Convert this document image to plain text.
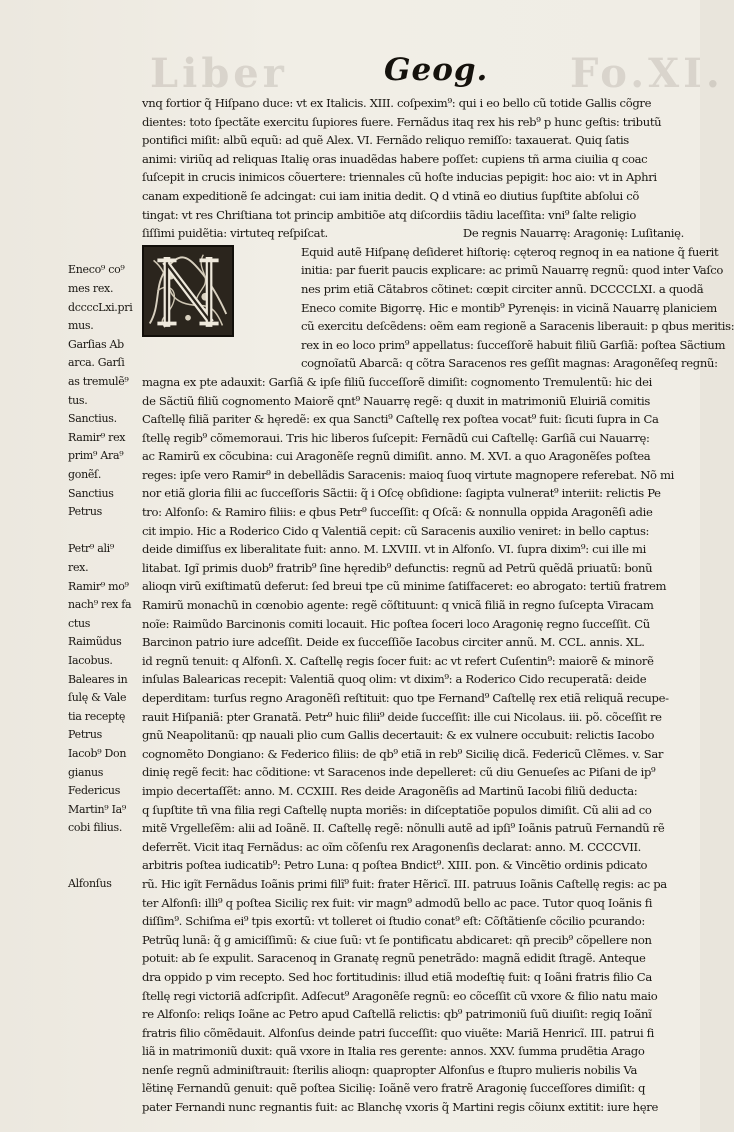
Liber	Fo.XI.
Geog.
vnq fortior q̃ Hiſpano duce: vt ex Italicis. XIII. coſpexim⁹: qui i eo bello cũ totide Gallis cõgre
dientes: toto ſpectãte exercitu ſupiores fuere. Fernãdus itaq rex his reb⁹ p hunc geſtis: tributũ
pontifici miſit: albũ equũ: ad quẽ Alex. VI. Fernãdo reliquo remiſſo: taxauerat. Quiq ſatis
animi: viriũq ad reliquas Italię oras inuadẽdas habere poſſet: cupiens tñ arma ciuilia q coac
ſuſcepit in crucis inimicos cõuertere: triennales cũ hoſte inducias pepigit: hoc aio: vt in Aphri
canam expeditionẽ ſe adcingat: cui iam initia dedit. Q d vtinã eo diutius ſupſtite abſolui cõ
tingat: vt res Chriſtiana tot princip ambitiõe atq diſcordiis tãdiu laceſſita: vni⁹ ſalte religio
ſiſſimi puidẽtia: virtuteq reſpiſcat.	De regnis Nauarrę: Aragonię: Luſitanię.
Equid autẽ Hiſpanę deſideret hiſtorię: cęteroq regnoq in ea natione q̃ fuerit
initia: par fuerit paucis explicare: ac primũ Nauarrę regnũ: quod inter Vaſco
nes prim etiã Cãtabros cõtinet: cœpit circiter annũ. DCCCCLXI. a quodã
Eneco comite Bigorrę. Hic e montib⁹ Pyrenęis: in vicinã Nauarrę planiciem
cũ exercitu deſcẽdens: oẽm eam regionẽ a Saracenis liberauit: p qbus meritis:
rex in eo loco prim⁹ appellatus: ſucceſſorẽ habuit filiũ Garſiã: poſtea Sãctium
cognoĩatũ Abarcã: q cõtra Saracenos res geſſit magnas: Aragonẽſeq regnũ:
magna ex pte adauxit: Garſiã & ipſe filiũ ſucceſſorẽ dimiſit: cognomento Tremulentũ: hic dei
de Sãctiũ filiũ cognomento Maiorẽ qnt⁹ Nauarrę regẽ: q duxit in matrimoniũ Eluiriã comitis
Caſtellę filiã pariter & hęredẽ: ex qua Sancti⁹ Caſtellę rex poſtea vocat⁹ fuit: ſicuti ſupra in Ca
ſtellę regib⁹ cõmemoraui. Tris hic liberos ſuſcepit: Fernãdũ cui Caſtellę: Garſiã cui Nauarrę:
ac Ramirũ ex cõcubina: cui Aragonẽſe regnũ dimiſit. anno. M. XVI. a quo Aragonẽſes poſtea
reges: ipſe vero Ramir⁹ in debellãdis Saracenis: maioq ſuoq virtute magnopere referebat. Nõ mi
nor etiã gloria filii ac ſucceſſoris Sãctii: q̃ i Oſcę obſidione: ſagipta vulnerat⁹ interiit: relictis Pe
tro: Alfonſo: & Ramiro filiis: e qbus Petr⁹ ſucceſſit: q Oſcã: & nonnulla oppida Aragonẽſi adie
cit impio. Hic a Roderico Cido q Valentiã cepit: cũ Saracenis auxilio veniret: in bello captus:
deide dimiſſus ex liberalitate fuit: anno. M. LXVIII. vt in Alfonſo. VI. ſupra dixim⁹: cui ille mi
litabat. Igĩ primis duob⁹ fratrib⁹ ſine hęredib⁹ defunctis: regnũ ad Petrũ quẽdã priuatũ: bonũ
alioqn virũ exiſtimatũ deferut: ſed breui tpe cũ minime ſatiſfaceret: eo abrogato: tertiũ fratrem
Ramirũ monachũ in cœnobio agente: regẽ cõſtituunt: q vnicã filiã in regno ſuſcepta Viracam
noĩe: Raimũdo Barcinonis comiti locauit. Hic poſtea ſoceri loco Aragonię regno ſucceſſit. Cũ
Barcinon patrio iure adceſſit. Deide ex ſucceſſiõe Iacobus circiter annũ. M. CCL. annis. XL.
id regnũ tenuit: q Alfonſi. X. Caſtellę regis ſocer fuit: ac vt refert Cuſentin⁹: maiorẽ & minorẽ
inſulas Balearicas recepit: Valentiã quoq olim: vt dixim⁹: a Roderico Cido recuperatã: deide
deperditam: turſus regno Aragonẽſi reſtituit: quo tpe Fernand⁹ Caſtellę rex etiã reliquã recupe-
rauit Hiſpaniã: pter Granatã. Petr⁹ huic filii⁹ deide ſucceſſit: ille cui Nicolaus. iii. põ. cõceſſit re
gnũ Neapolitanũ: qp nauali plio cum Gallis decertauit: & ex vulnere occubuit: relictis Iacobo
cognomẽto Dongiano: & Federico filiis: de qb⁹ etiã in reb⁹ Sicilię dicã. Federicũ Clẽmes. v. Sar
dinię regẽ fecit: hac cõditione: vt Saracenos inde depelleret: cũ diu Genueſes ac Piſani de ip⁹
impio decertaſſẽt: anno. M. CCXIII. Res deide Aragonẽſis ad Martinũ Iacobi filiũ deducta:
q ſupſtite tñ vna filia regi Caſtellę nupta moriẽs: in diſceptatiõe populos dimiſit. Cũ alii ad co
mitẽ Vrgelleſẽm: alii ad Ioãnẽ. II. Caſtellę regẽ: nõnulli autẽ ad ipſi⁹ Ioãnis patruũ Fernandũ rẽ
deferrẽt. Vicit itaq Fernãdus: ac oĩm cõſenſu rex Aragonenſis declarat: anno. M. CCCCVII.
arbitris poſtea iudicatib⁹: Petro Luna: q poſtea Bndict⁹. XIII. pon. & Vincẽtio ordinis pdicato
rũ. Hic igĩt Fernãdus Ioãnis primi filĩ⁹ fuit: frater Hẽricĩ. III. patruus Ioãnis Caſtellę regis: ac pa
ter Alfonſi: illi⁹ q poſtea Siciliç rex fuit: vir magn⁹ admodũ bello ac pace. Tutor quoq Ioãnis fi
diſſim⁹. Schiſma ei⁹ tpis exortũ: vt tolleret oi ſtudio conat⁹ eſt: Cõſtãtienſe cõcilio pcurando:
Petrũq lunã: q̃ g amiciſſimũ: & ciue ſuũ: vt ſe pontificatu abdicaret: qñ precib⁹ cõpellere non
potuit: ab ſe expulit. Saracenoq in Granatę regnũ penetrãdo: magnã edidit ſtragẽ. Anteque
dra oppido p vim recepto. Sed hoc fortitudinis: illud etiã modeſtię fuit: q Ioãni fratris filio Ca
ſtellę regi victoriã adſcripſit. Adſecut⁹ Aragonẽſe regnũ: eo cõceſſit cũ vxore & filio natu maio
re Alfonſo: reliqs Ioãne ac Petro apud Caſtellã relictis: qb⁹ patrimoniũ ſuũ diuiſit: regiq Ioãnĩ
fratris filio cõmẽdauit. Alfonſus deinde patri ſucceſſit: quo viuẽte: Mariã Henricĩ. III. patrui fi
liã in matrimoniũ duxit: quã vxore in Italia res gerente: annos. XXV. ſumma prudẽtia Arago
nenſe regnũ adminiſtrauit: ſterilis alioqn: quapropter Alfonſus e ſtupro mulieris nobilis Va
lẽtinę Fernandũ genuit: quẽ poſtea Sicilię: Ioãnẽ vero fratrẽ Aragonię ſucceſſores dimiſit: q
pater Fernandi nunc regnantis fuit: ac Blanchę vxoris q̃ Martini regis cõiunx extitit: iure hęre
Eneco⁹ co⁹
mes rex.
dccccLxi.pri
mus.
Garſias Ab
arca. Garſi
as tremulẽ⁹
tus.
Sanctius.
Ramir⁹ rex
prim⁹ Ara⁹
gonẽſ.
Sanctius
Petrus
Petr⁹ ali⁹
rex.
Ramir⁹ mo⁹
nach⁹ rex fa
ctus
Raimũdus
Iacobus.
Baleares in
ſulę & Vale
tia receptę
Petrus
Iacob⁹ Don
gianus
Federicus
Martin⁹ Ia⁹
cobi filius.
Alfonſus
